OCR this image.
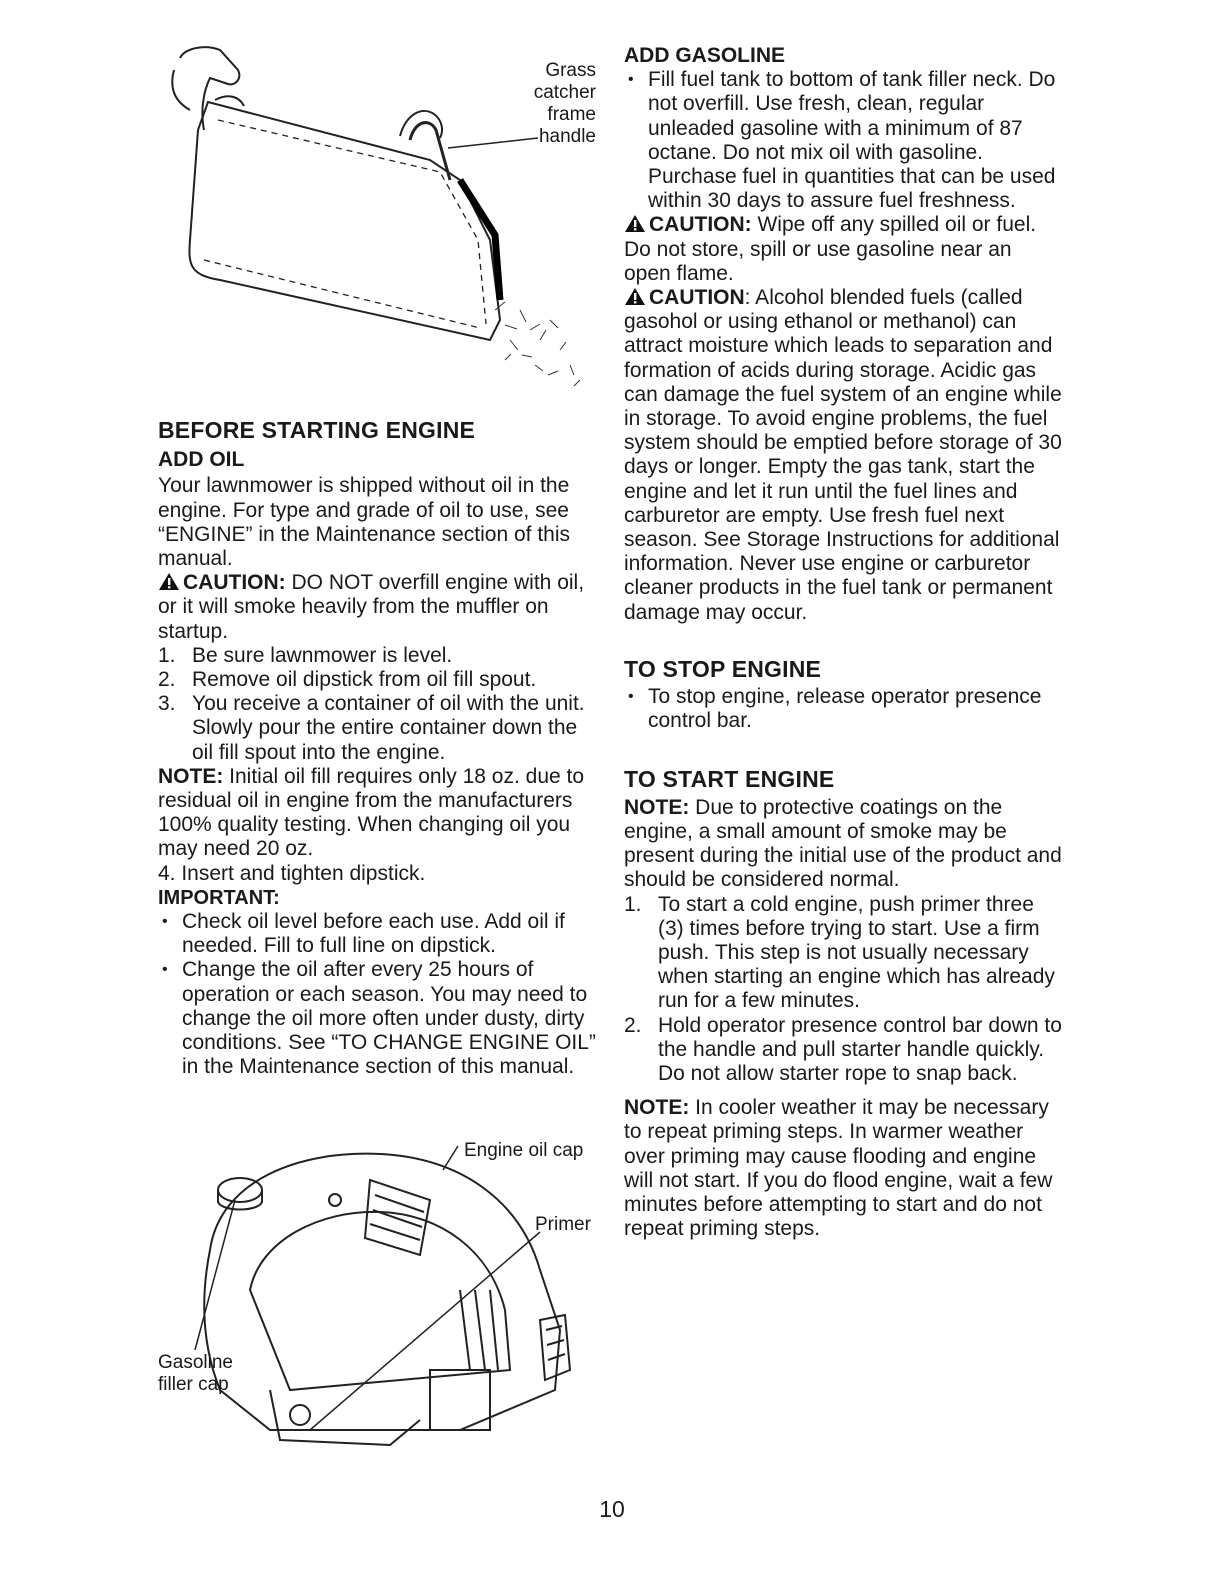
Grass
catcher
frame
handle
BEFORE STARTING ENGINE
ADD OIL

Your lawnmower is shipped without oil in the engine. For type and grade of oil to use, see “ENGINE” in the Maintenance section of this manual.

CAUTION: DO NOT overfill engine with oil, or it will smoke heavily from the muffler on startup.

1. Be sure lawnmower is level.
2. Remove oil dipstick from oil fill spout.
3. You receive a container of oil with the unit. Slowly pour the entire container down the oil fill spout into the engine.

NOTE: Initial oil fill requires only 18 oz. due to residual oil in engine from the manufacturers 100% quality testing. When changing oil you may need 20 oz.

4. Insert and tighten dipstick.

IMPORTANT:
• Check oil level before each use. Add oil if needed. Fill to full line on dipstick.
• Change the oil after every 25 hours of operation or each season. You may need to change the oil more often under dusty, dirty conditions. See “TO CHANGE ENGINE OIL” in the Maintenance section of this manual.
Engine oil cap
Primer
Gasoline
filler cap
ADD GASOLINE
• Fill fuel tank to bottom of tank filler neck. Do not overfill. Use fresh, clean, regular unleaded gasoline with a minimum of 87 octane. Do not mix oil with gasoline. Purchase fuel in quantities that can be used within 30 days to assure fuel freshness.

CAUTION: Wipe off any spilled oil or fuel. Do not store, spill or use gasoline near an open flame.

CAUTION: Alcohol blended fuels (called gasohol or using ethanol or methanol) can attract moisture which leads to separation and formation of acids during storage. Acidic gas can damage the fuel system of an engine while in storage. To avoid engine problems, the fuel system should be emptied before storage of 30 days or longer. Empty the gas tank, start the engine and let it run until the fuel lines and carburetor are empty. Use fresh fuel next season. See Storage Instructions for additional information. Never use engine or carburetor cleaner products in the fuel tank or permanent damage may occur.

TO STOP ENGINE
• To stop engine, release operator presence control bar.
TO START ENGINE

NOTE: Due to protective coatings on the engine, a small amount of smoke may be present during the initial use of the product and should be considered normal.

1. To start a cold engine, push primer three (3) times before trying to start. Use a firm push. This step is not usually necessary when starting an engine which has already run for a few minutes.
2. Hold operator presence control bar down to the handle and pull starter handle quickly. Do not allow starter rope to snap back.

NOTE: In cooler weather it may be necessary to repeat priming steps. In warmer weather over priming may cause flooding and engine will not start. If you do flood engine, wait a few minutes before attempting to start and do not repeat priming steps.

10
